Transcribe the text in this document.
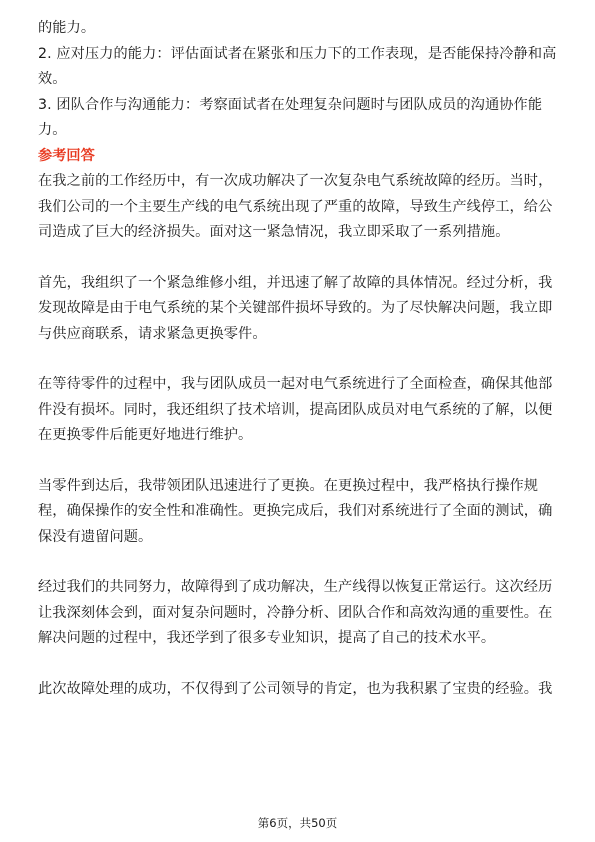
的能力。

2. 应对压力的能力：评估面试者在紧张和压力下的工作表现，是否能保持冷静和高效。

3. 团队合作与沟通能力：考察面试者在处理复杂问题时与团队成员的沟通协作能力。

参考回答

在我之前的工作经历中，有一次成功解决了一次复杂电气系统故障的经历。当时，我们公司的一个主要生产线的电气系统出现了严重的故障，导致生产线停工，给公司造成了巨大的经济损失。面对这一紧急情况，我立即采取了一系列措施。

首先，我组织了一个紧急维修小组，并迅速了解了故障的具体情况。经过分析，我发现故障是由于电气系统的某个关键部件损坏导致的。为了尽快解决问题，我立即与供应商联系，请求紧急更换零件。

在等待零件的过程中，我与团队成员一起对电气系统进行了全面检查，确保其他部件没有损坏。同时，我还组织了技术培训，提高团队成员对电气系统的了解，以便在更换零件后能更好地进行维护。

当零件到达后，我带领团队迅速进行了更换。在更换过程中，我严格执行操作规程，确保操作的安全性和准确性。更换完成后，我们对系统进行了全面的测试，确保没有遗留问题。

经过我们的共同努力，故障得到了成功解决，生产线得以恢复正常运行。这次经历让我深刻体会到，面对复杂问题时，冷静分析、团队合作和高效沟通的重要性。在解决问题的过程中，我还学到了很多专业知识，提高了自己的技术水平。

此次故障处理的成功，不仅得到了公司领导的肯定，也为我积累了宝贵的经验。我

第6页，共50页
